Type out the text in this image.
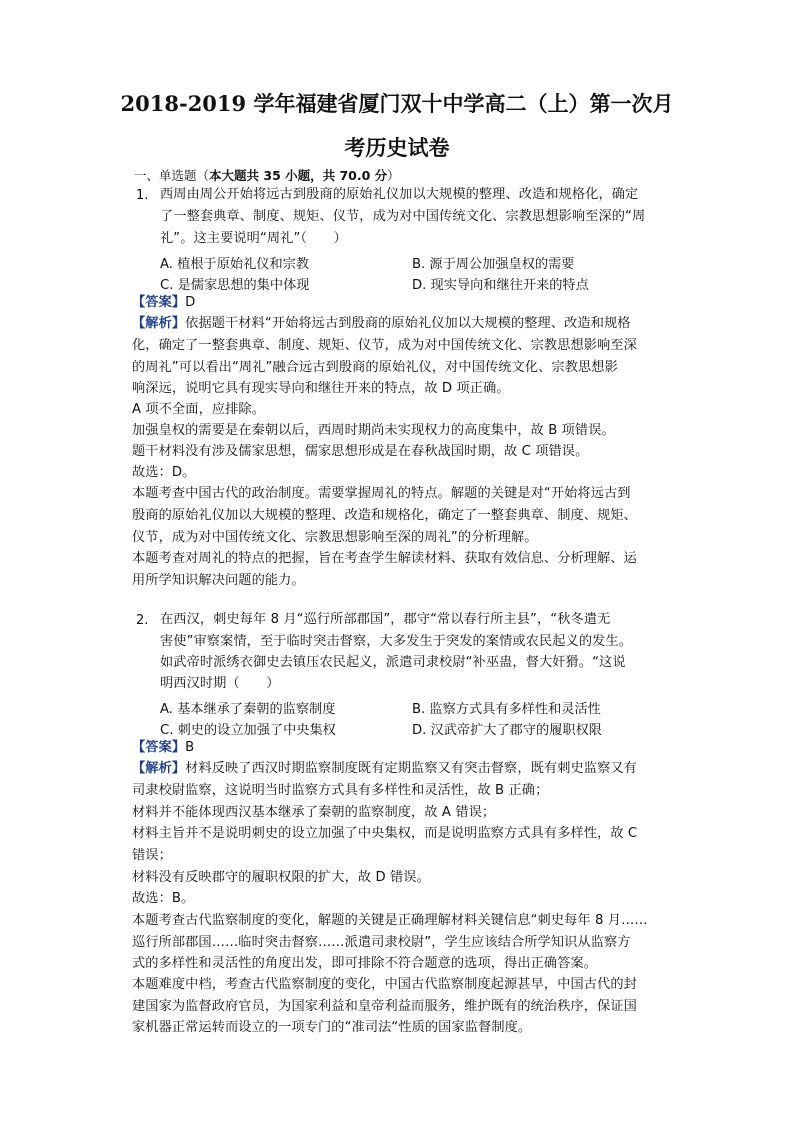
2018-2019 学年福建省厦门双十中学高二（上）第一次月
考历史试卷
一、单选题（本大题共 35 小题，共 70.0 分）
1. 西周由周公开始将远古到殷商的原始礼仪加以大规模的整理、改造和规格化，确定
了一整套典章、制度、规矩、仪节，成为对中国传统文化、宗教思想影响至深的“周
礼”。这主要说明“周礼”（　　）
A. 植根于原始礼仪和宗教	B. 源于周公加强皇权的需要
C. 是儒家思想的集中体现	D. 现实导向和继往开来的特点
【答案】D
【解析】依据题干材料“开始将远古到殷商的原始礼仪加以大规模的整理、改造和规格
化，确定了一整套典章、制度、规矩、仪节，成为对中国传统文化、宗教思想影响至深
的周礼”可以看出“周礼”融合远古到殷商的原始礼仪，对中国传统文化、宗教思想影
响深远，说明它具有现实导向和继往开来的特点，故 D 项正确。
A 项不全面，应排除。
加强皇权的需要是在秦朝以后，西周时期尚未实现权力的高度集中，故 B 项错误。
题干材料没有涉及儒家思想，儒家思想形成是在春秋战国时期，故 C 项错误。
故选：D。
本题考查中国古代的政治制度。需要掌握周礼的特点。解题的关键是对“开始将远古到
殷商的原始礼仪加以大规模的整理、改造和规格化，确定了一整套典章、制度、规矩、
仪节，成为对中国传统文化、宗教思想影响至深的周礼”的分析理解。
本题考查对周礼的特点的把握，旨在考查学生解读材料、获取有效信息、分析理解、运
用所学知识解决问题的能力。
2. 在西汉，刺史每年 8 月“巡行所部郡国”，郡守“常以春行所主县”，“秋冬遣无
害使”审察案情，至于临时突击督察，大多发生于突发的案情或农民起义的发生。
如武帝时派绣衣御史去镇压农民起义，派遣司隶校尉“补巫蛊，督大奸猾。“这说
明西汉时期（　　）
A. 基本继承了秦朝的监察制度	B. 监察方式具有多样性和灵活性
C. 刺史的设立加强了中央集权	D. 汉武帝扩大了郡守的履职权限
【答案】B
【解析】材料反映了西汉时期监察制度既有定期监察又有突击督察，既有刺史监察又有
司隶校尉监察，这说明当时监察方式具有多样性和灵活性，故 B 正确；
材料并不能体现西汉基本继承了秦朝的监察制度，故 A 错误；
材料主旨并不是说明刺史的设立加强了中央集权，而是说明监察方式具有多样性，故 C
错误；
材料没有反映郡守的履职权限的扩大，故 D 错误。
故选：B。
本题考查古代监察制度的变化，解题的关键是正确理解材料关键信息“刺史每年 8 月……
巡行所部郡国……临时突击督察……派遣司隶校尉”，学生应该结合所学知识从监察方
式的多样性和灵活性的角度出发，即可排除不符合题意的选项，得出正确答案。
本题难度中档，考查古代监察制度的变化，中国古代监察制度起源甚早，中国古代的封
建国家为监督政府官员，为国家利益和皇帝利益而服务，维护既有的统治秩序，保证国
家机器正常运转而设立的一项专门的“准司法“性质的国家监督制度。
